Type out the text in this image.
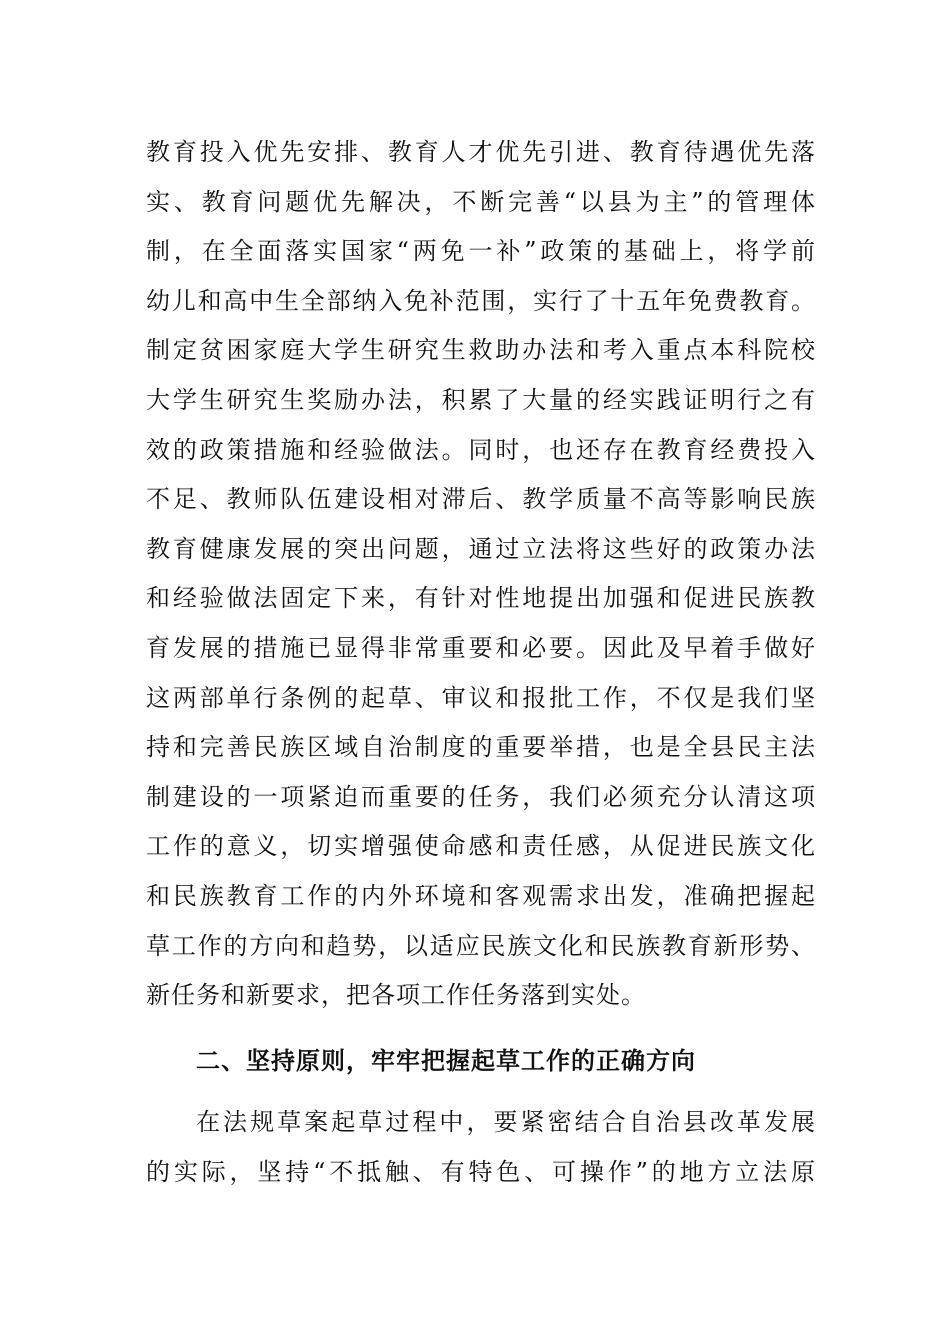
教育投入优先安排、教育人才优先引进、教育待遇优先落
实、教育问题优先解决，不断完善“以县为主”的管理体
制，在全面落实国家“两免一补”政策的基础上，将学前
幼儿和高中生全部纳入免补范围，实行了十五年免费教育。
制定贫困家庭大学生研究生救助办法和考入重点本科院校
大学生研究生奖励办法，积累了大量的经实践证明行之有
效的政策措施和经验做法。同时，也还存在教育经费投入
不足、教师队伍建设相对滞后、教学质量不高等影响民族
教育健康发展的突出问题，通过立法将这些好的政策办法
和经验做法固定下来，有针对性地提出加强和促进民族教
育发展的措施已显得非常重要和必要。因此及早着手做好
这两部单行条例的起草、审议和报批工作，不仅是我们坚
持和完善民族区域自治制度的重要举措，也是全县民主法
制建设的一项紧迫而重要的任务，我们必须充分认清这项
工作的意义，切实增强使命感和责任感，从促进民族文化
和民族教育工作的内外环境和客观需求出发，准确把握起
草工作的方向和趋势，以适应民族文化和民族教育新形势、
新任务和新要求，把各项工作任务落到实处。
二、坚持原则，牢牢把握起草工作的正确方向
在法规草案起草过程中，要紧密结合自治县改革发展
的实际，坚持“不抵触、有特色、可操作”的地方立法原
